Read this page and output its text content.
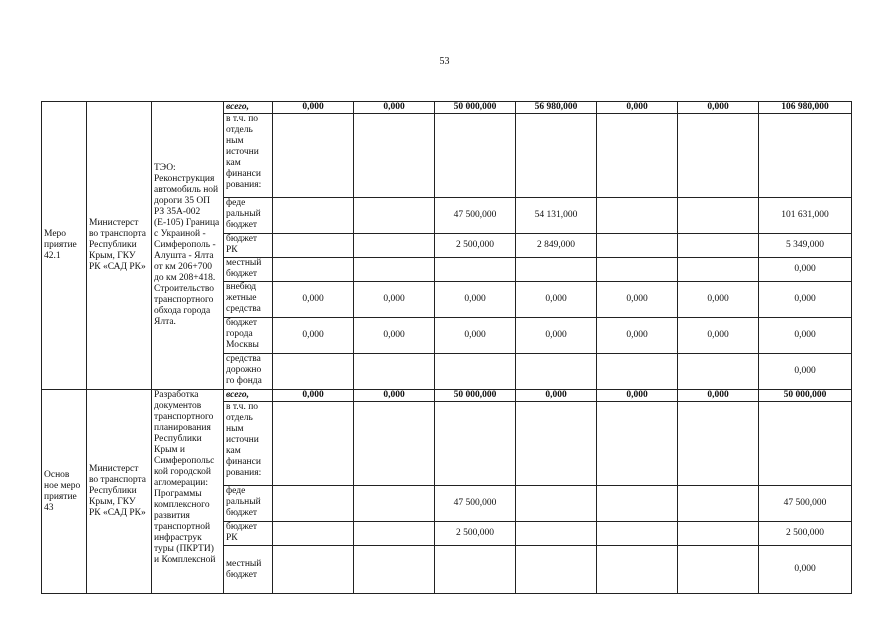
53
Меро приятие 42.1	Министерст во транспорта Республики Крым, ГКУ РК «САД РК»	ТЭО: Реконструкция автомобиль ной дороги 35 ОП РЗ 35А-002 (Е-105) Граница с Украиной - Симферополь - Алушта - Ялта от км 206+700 до км 208+418. Строительство транспортного обхода города Ялта.	всего,	0,000	0,000	50 000,000	56 980,000	0,000	0,000	106 980,000
			в т.ч. по отдель ным источни кам финанси рования:							
			феде ральный бюджет			47 500,000	54 131,000			101 631,000
			бюджет РК			2 500,000	2 849,000			5 349,000
			местный бюджет							0,000
			внебюд жетные средства	0,000	0,000	0,000	0,000	0,000	0,000	0,000
			бюджет города Москвы	0,000	0,000	0,000	0,000	0,000	0,000	0,000
			средства дорожно го фонда							0,000
Основ ное меро приятие 43	Министерст во транспорта Республики Крым, ГКУ РК «САД РК»	Разработка документов транспортного планирования Республики Крым и Симферопольс кой городской агломерации: Программы комплексного развития транспортной инфраструк туры (ПКРТИ) и Комплексной	всего,	0,000	0,000	50 000,000	0,000	0,000	0,000	50 000,000
			в т.ч. по отдель ным источни кам финанси рования:							
			феде ральный бюджет			47 500,000				47 500,000
			бюджет РК			2 500,000				2 500,000
			местный бюджет							0,000
